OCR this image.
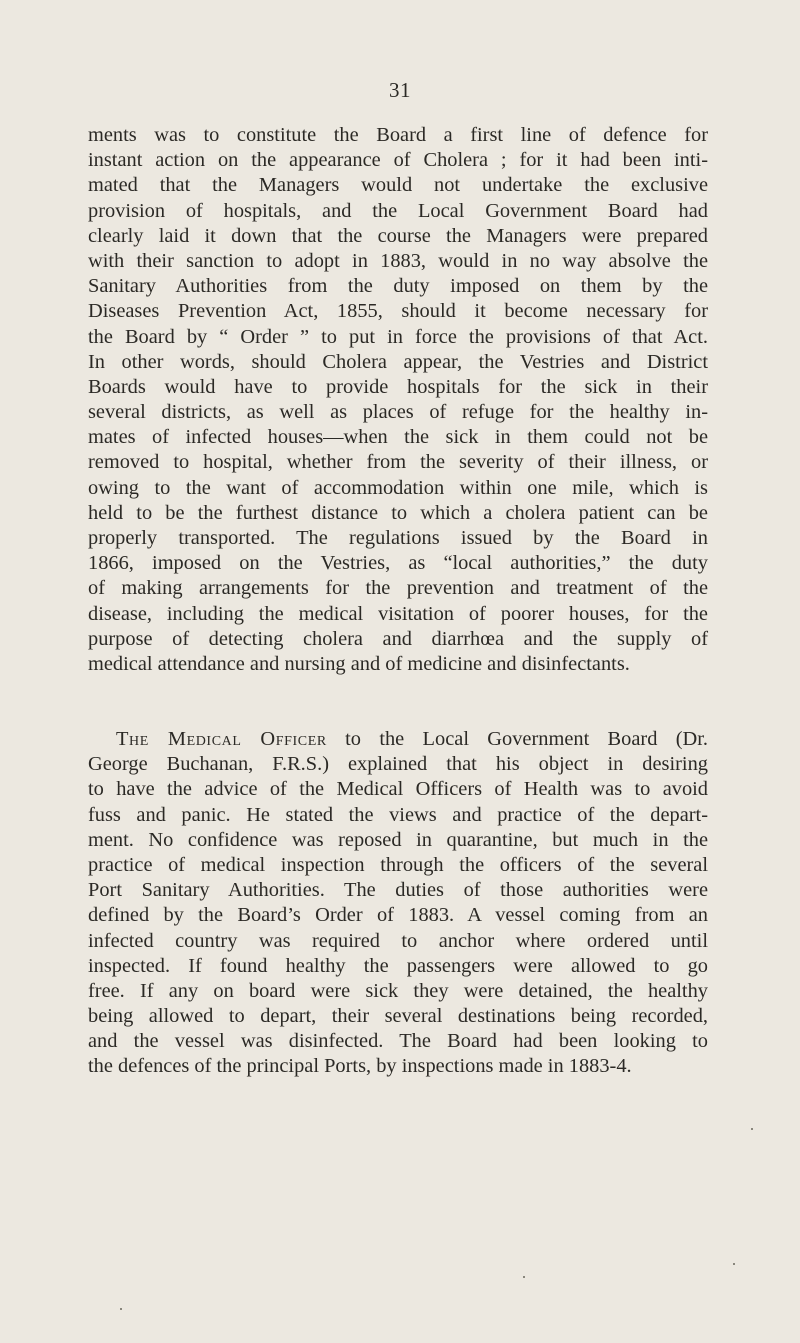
31
ments was to constitute the Board a first line of defence for
instant action on the appearance of Cholera ; for it had been inti-
mated that the Managers would not undertake the exclusive
provision of hospitals, and the Local Government Board had
clearly laid it down that the course the Managers were prepared
with their sanction to adopt in 1883, would in no way absolve the
Sanitary Authorities from the duty imposed on them by the
Diseases Prevention Act, 1855, should it become necessary for
the Board by “ Order ” to put in force the provisions of that Act.
In other words, should Cholera appear, the Vestries and District
Boards would have to provide hospitals for the sick in their
several districts, as well as places of refuge for the healthy in-
mates of infected houses—when the sick in them could not be
removed to hospital, whether from the severity of their illness, or
owing to the want of accommodation within one mile, which is
held to be the furthest distance to which a cholera patient can be
properly transported. The regulations issued by the Board in
1866, imposed on the Vestries, as “local authorities,” the duty
of making arrangements for the prevention and treatment of the
disease, including the medical visitation of poorer houses, for the
purpose of detecting cholera and diarrhœa and the supply of
medical attendance and nursing and of medicine and disinfectants.
The Medical Officer to the Local Government Board (Dr.
George Buchanan, F.R.S.) explained that his object in desiring
to have the advice of the Medical Officers of Health was to avoid
fuss and panic. He stated the views and practice of the depart-
ment. No confidence was reposed in quarantine, but much in the
practice of medical inspection through the officers of the several
Port Sanitary Authorities. The duties of those authorities were
defined by the Board’s Order of 1883. A vessel coming from an
infected country was required to anchor where ordered until
inspected. If found healthy the passengers were allowed to go
free. If any on board were sick they were detained, the healthy
being allowed to depart, their several destinations being recorded,
and the vessel was disinfected. The Board had been looking to
the defences of the principal Ports, by inspections made in 1883-4.
